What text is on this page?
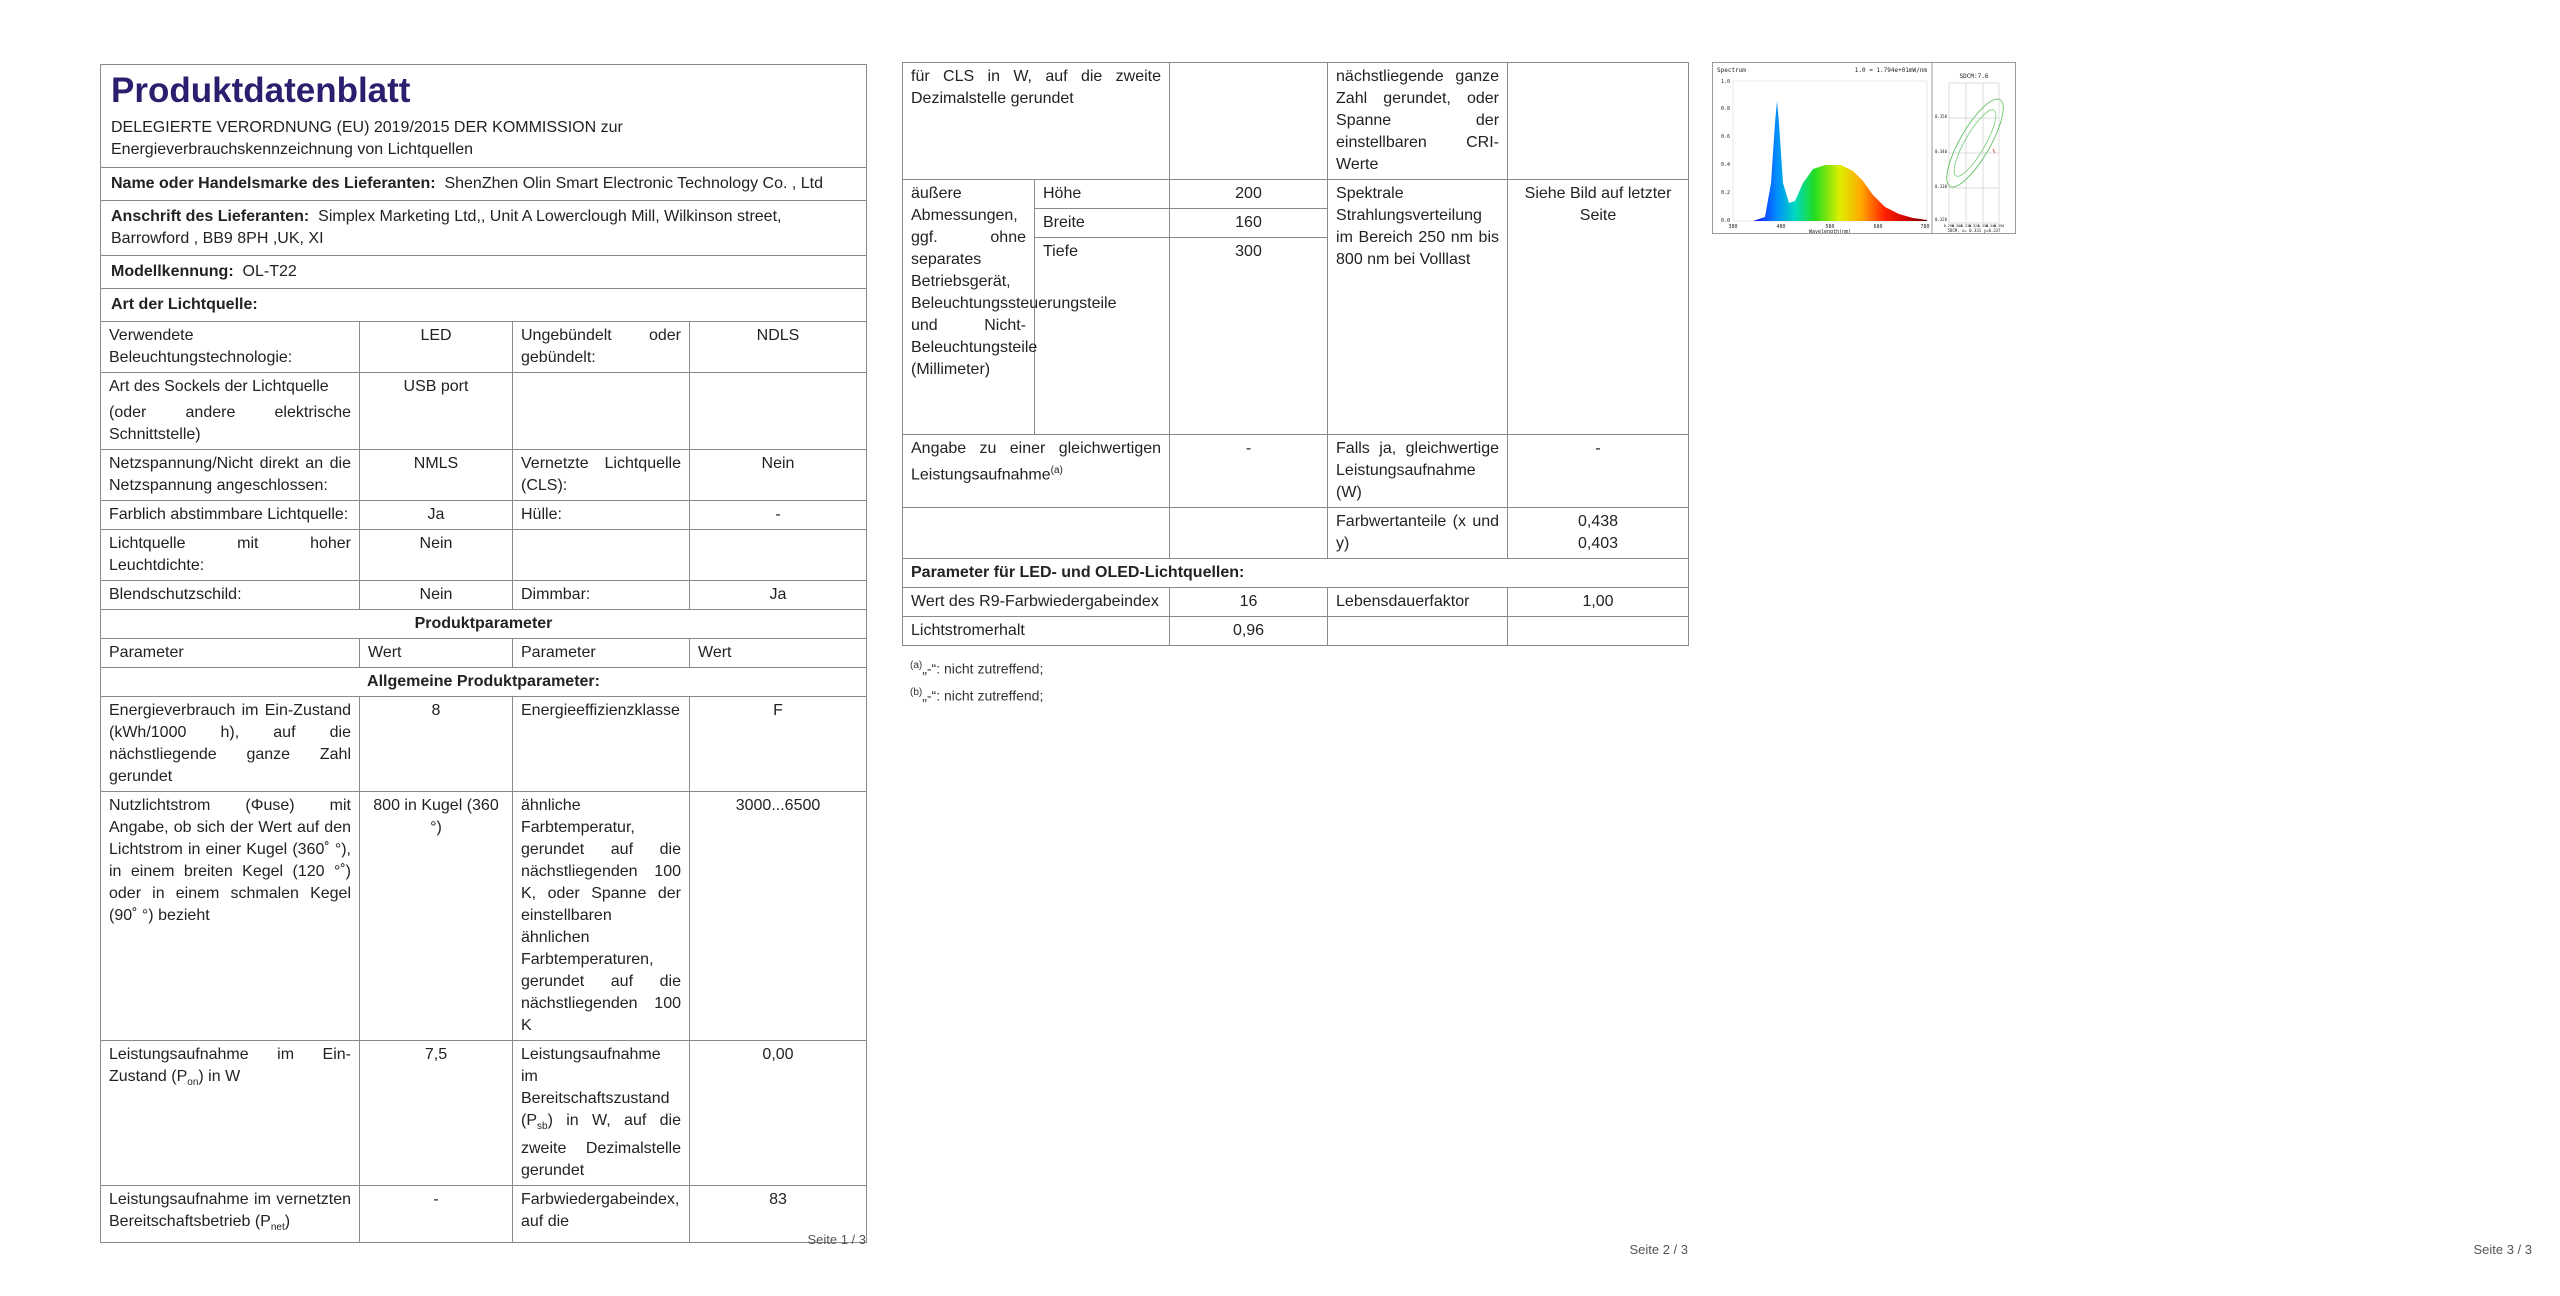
Produktdatenblatt
DELEGIERTE VERORDNUNG (EU) 2019/2015 DER KOMMISSION zur Energieverbrauchskennzeichnung von Lichtquellen			

Name oder Handelsmarke des Lieferanten: ShenZhen Olin Smart Electronic Technology Co. , Ltd			
Anschrift des Lieferanten: Simplex Marketing Ltd,, Unit A Lowerclough Mill, Wilkinson street, Barrowford , BB9 8PH ,UK, XI			
Modellkennung: OL-T22			
Art der Lichtquelle:			
Verwendete Beleuchtungstechnologie:	LED	Ungebündelt oder gebündelt:	NDLS

Art des Sockels der Lichtquelle
(oder andere elektrische Schnittstelle)	USB port		
Netzspannung/Nicht direkt an die Netzspannung angeschlossen:	NMLS	Vernetzte Lichtquelle (CLS):	Nein
Farblich abstimmbare Lichtquelle:	Ja	Hülle:	-
Lichtquelle mit hoher Leuchtdichte:	Nein		
Blendschutzschild:	Nein	Dimmbar:	Ja
Produktparameter			
Parameter	Wert	Parameter	Wert
Allgemeine Produktparameter:			
Energieverbrauch im Ein-Zustand (kWh/1000 h), auf die nächstliegende ganze Zahl gerundet	8	Energieeffizienzklasse	F
Nutzlichtstrom (Φuse) mit Angabe, ob sich der Wert auf den Lichtstrom in einer Kugel (360˚ °), in einem breiten Kegel (120 °˚) oder in einem schmalen Kegel (90˚ °) bezieht	800 in Kugel (360 °)	ähnliche Farbtemperatur, gerundet auf die nächstliegenden 100 K, oder Spanne der einstellbaren ähnlichen Farbtemperaturen, gerundet auf die nächstliegenden 100 K	3000...6500
Leistungsaufnahme im Ein-Zustand $(P_{on})$ in W	7,5	Leistungsaufnahme im Bereitschaftszustand $(P_{sb})$ in W, auf die zweite Dezimalstelle gerundet	0,00
Leistungsaufnahme im vernetzten Bereitschaftsbetrieb $(P_{net})$	-	Farbwiedergabeindex, auf die	83
Seite 1 / 3
für CLS in W, auf die zweite Dezimalstelle gerundet			nächstliegende ganze Zahl gerundet, oder Spanne der einstellbaren CRI-Werte	
äußere Abmessungen, ggf. ohne separates Betriebsgerät, Beleuchtungssteuerungsteile und Nicht-Beleuchtungsteile (Millimeter)	Höhe	200	Spektrale Strahlungsverteilung im Bereich 250 nm bis 800 nm bei Volllast	Siehe Bild auf letzter Seite
	Breite	160		
	Tiefe	300		
Angabe zu einer gleichwertigen Leistungsaufnahme$^{(a)}$		-	Falls ja, gleichwertige Leistungsaufnahme (W)	-
			Farbwertanteile (x und y)	0,438
0,403

Parameter für LED- und OLED-Lichtquellen:				
Wert des R9-Farbwiedergabeindex		16	Lebensdauerfaktor	1,00
Lichtstromerhalt		0,96		
$^{(a)}$„-“: nicht zutreffend;
$^{(b)}$„-“: nicht zutreffend;
Seite 2 / 3
Spectrum	1.0 = 1.794e+01mW/nm
1.0
0.8
0.6
0.4
0.2
0.0
380	480	580	680	780
Wavelength(nm)
SDCM:7.6
0.350
0.340
0.330
0.320
0.290
0.300
0.310
0.320
0.330
0.340
0.350
5DCM, x= 0.331 y=0.337
Seite 3 / 3
